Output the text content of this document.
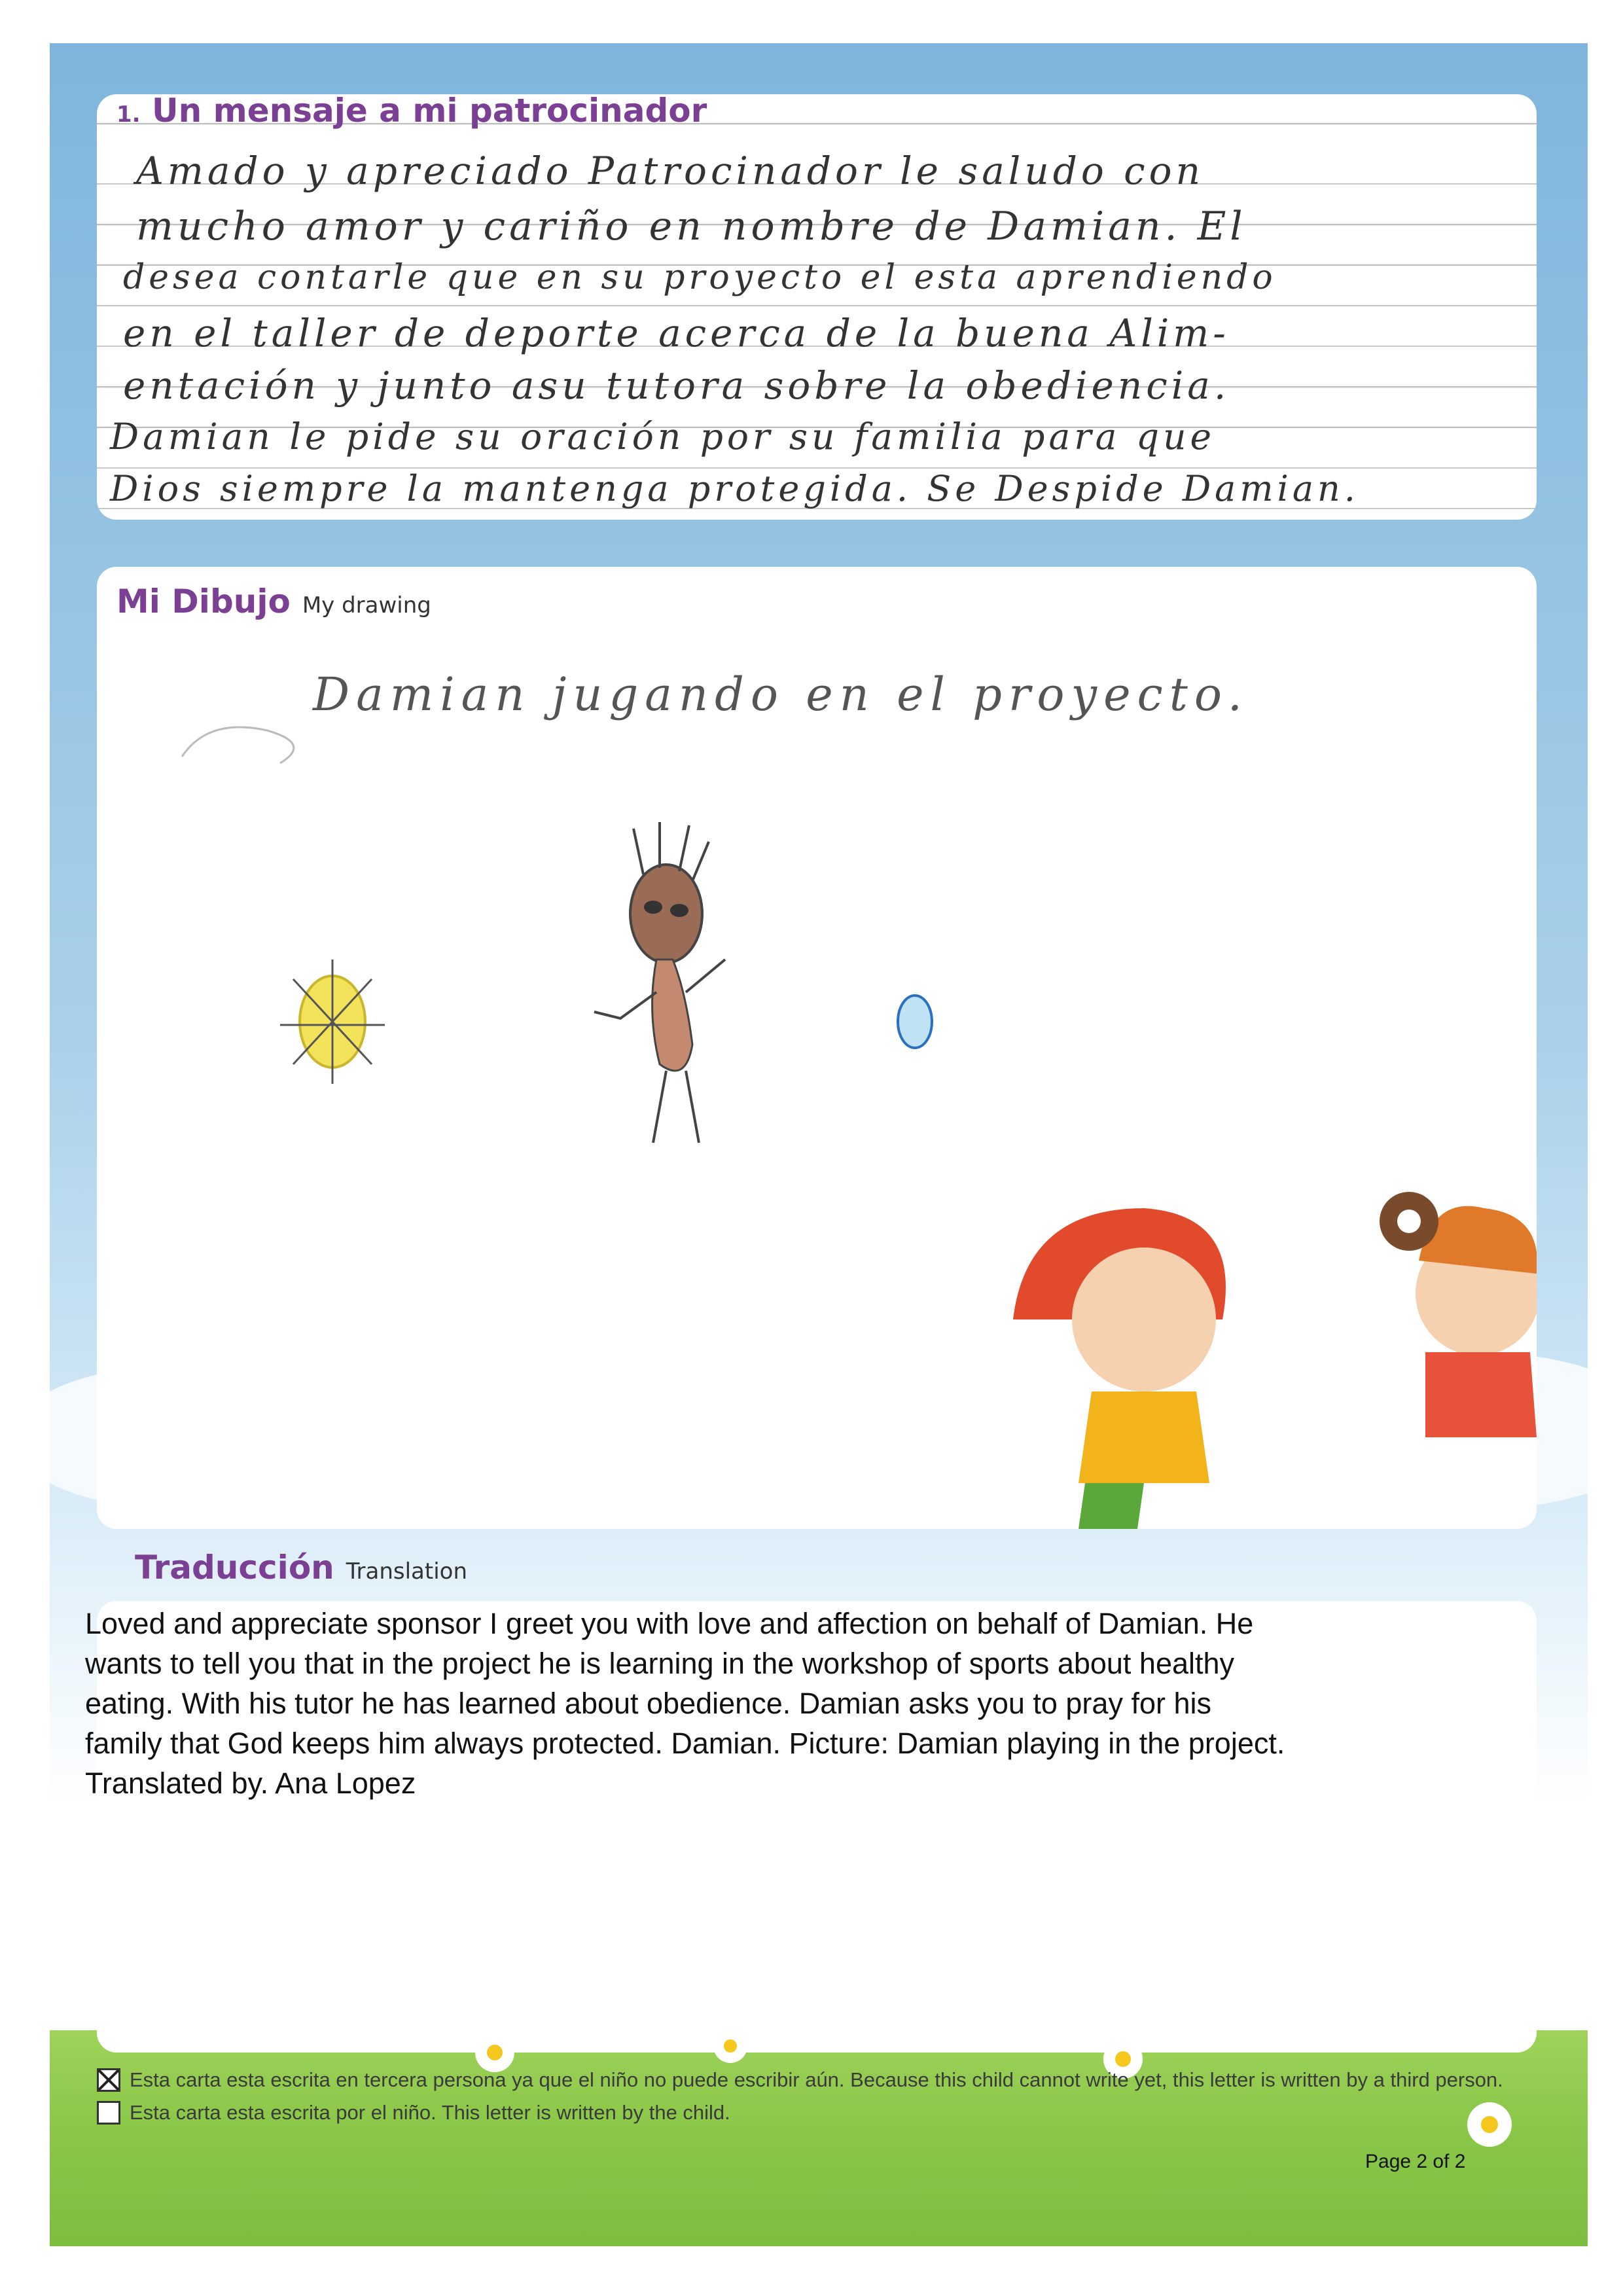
1. Un mensaje a mi patrocinador
Amado y apreciado Patrocinador le saludo con
mucho amor y cariño en nombre de Damian. El
desea contarle que en su proyecto el esta aprendiendo
en el taller de deporte acerca de la buena Alim-
entación y junto asu tutora sobre la obediencia.
Damian le pide su oración por su familia para que
Dios siempre la mantenga protegida. Se Despide Damian.
Mi Dibujo My drawing
Damian jugando en el proyecto.
Traducción Translation

Loved and appreciate sponsor I greet you with love and affection on behalf of Damian. He

wants to tell you that in the project he is learning in the workshop of sports about healthy

eating. With his tutor he has learned about obedience. Damian asks you to pray for his

family that God keeps him always protected. Damian. Picture: Damian playing in the project.

Translated by. Ana Lopez

Esta carta esta escrita en tercera persona ya que el niño no puede escribir aún. Because this child cannot write yet, this letter is written by a third person.
Esta carta esta escrita por el niño. This letter is written by the child.
Page 2 of 2
